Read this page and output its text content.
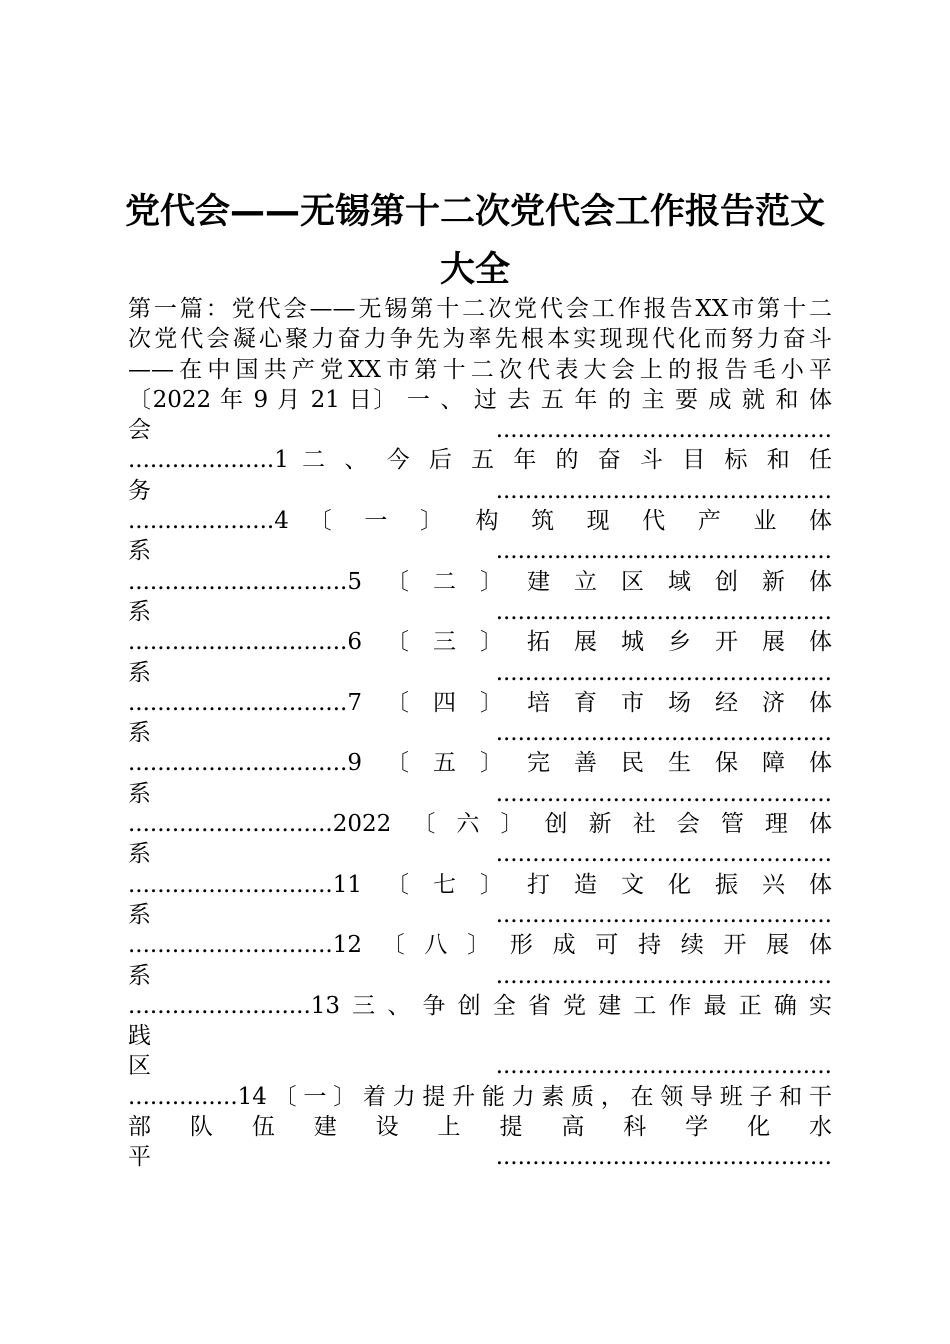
党代会——无锡第十二次党代会工作报告范文
大全
第一篇：党代会——无锡第十二次党代会工作报告XX市第十二
次党代会凝心聚力奋力争先为率先根本实现现代化而努力奋斗
——在中国共产党XX市第十二次代表大会上的报告毛小平
〔2022 年 9 月 21 日〕 一 、 过 去 五 年 的 主 要 成 就 和 体
会..............................................
....................1 二 、 今 后 五 年 的 奋 斗 目 标 和 任
务..............................................
....................4 〔 一 〕 构 筑 现 代 产 业 体
系..............................................
..............................5〔二〕建立区域创新体
系..............................................
..............................6〔三〕拓展城乡开展体
系..............................................
..............................7〔四〕培育市场经济体
系..............................................
..............................9〔五〕完善民生保障体
系..............................................
............................2022〔六〕创新社会管理体
系..............................................
............................11〔七〕打造文化振兴体
系..............................................
............................12〔八〕形成可持续开展体
系..............................................
.........................13三、争创全省党建工作最正确实
践
区..............................................
...............14〔一〕着力提升能力素质，在领导班子和干
部 队 伍 建 设 上 提 高 科 学 化 水
平..............................................
